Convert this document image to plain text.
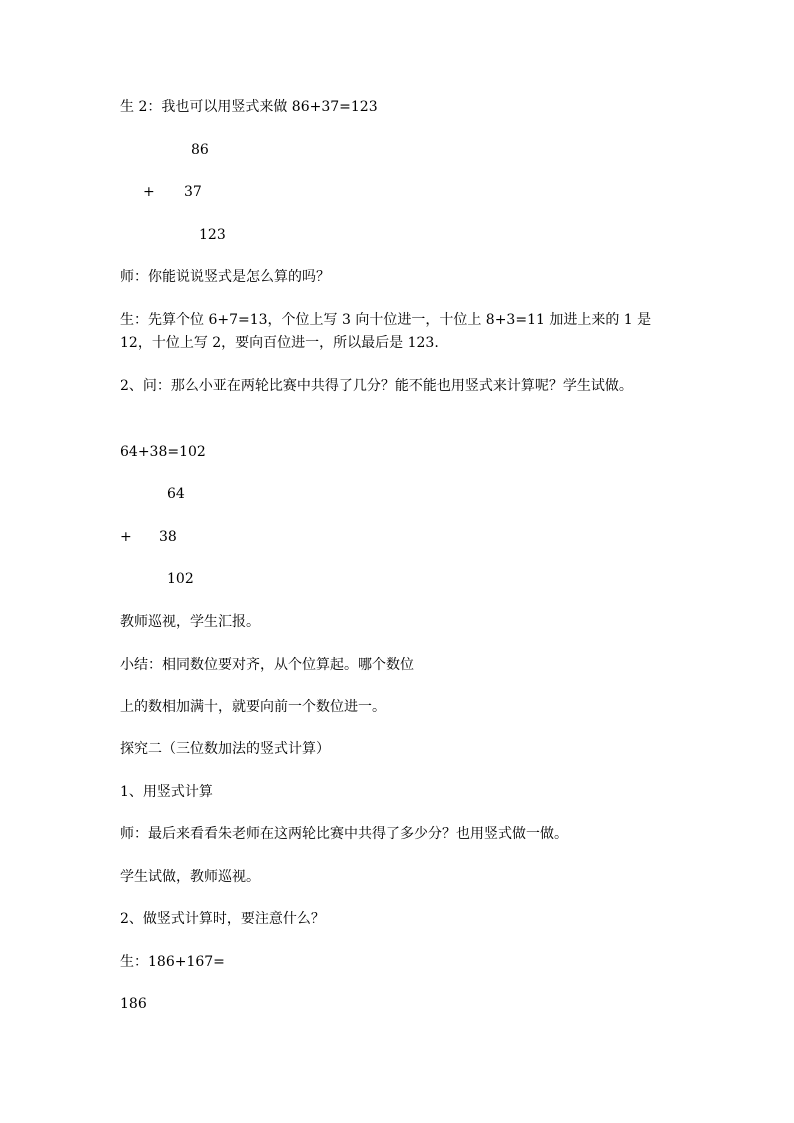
生 2：我也可以用竖式来做 86+37=123
86
+ 37
123
师：你能说说竖式是怎么算的吗？
生：先算个位 6+7=13，个位上写 3 向十位进一，十位上 8+3=11 加进上来的 1 是 12，十位上写 2，要向百位进一，所以最后是 123.
2、问：那么小亚在两轮比赛中共得了几分？能不能也用竖式来计算呢？学生试做。
64+38=102
64
+ 38
102
教师巡视，学生汇报。
小结：相同数位要对齐，从个位算起。哪个数位
上的数相加满十，就要向前一个数位进一。
探究二（三位数加法的竖式计算）
1、用竖式计算
师：最后来看看朱老师在这两轮比赛中共得了多少分？也用竖式做一做。
学生试做，教师巡视。
2、做竖式计算时，要注意什么？
生：186+167=
186
